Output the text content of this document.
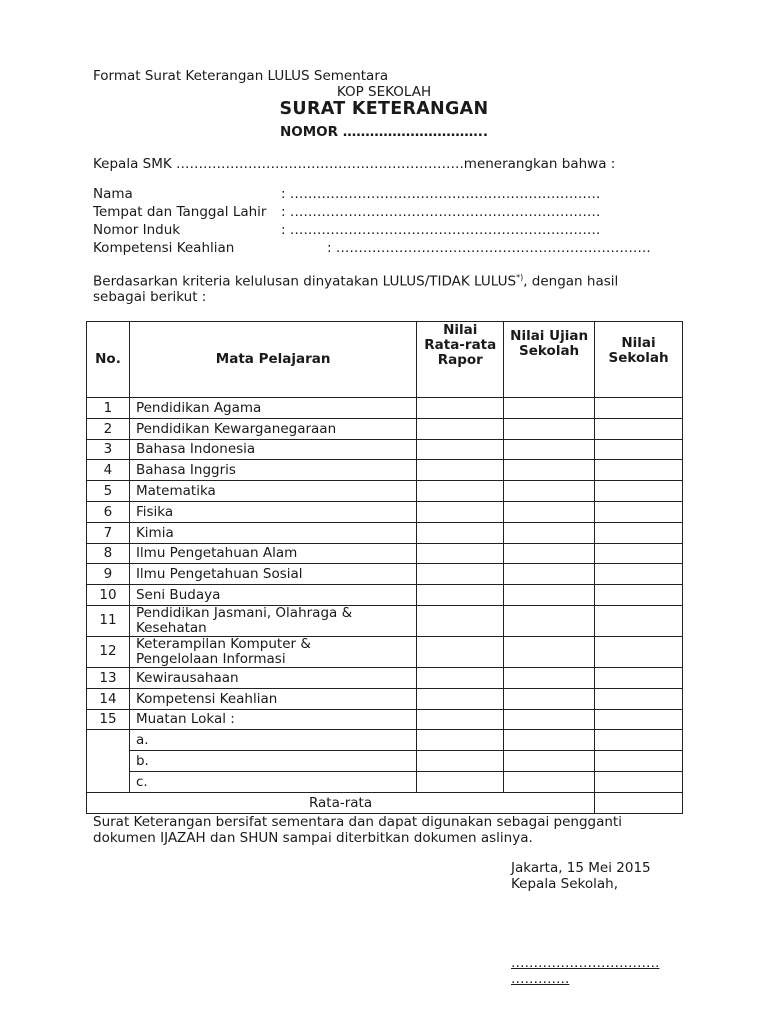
Format Surat Keterangan LULUS Sementara
KOP SEKOLAH
SURAT KETERANGAN
NOMOR …………………………..
Kepala SMK ……………………………………………………….menerangkan bahwa :
Nama	: ……………………………………………………………
Tempat dan Tanggal Lahir : ……………………………………………………………
Nomor Induk	: ……………………………………………………………
Kompetensi Keahlian	: …………………………………………………………….
Berdasarkan kriteria kelulusan dinyatakan LULUS/TIDAK LULUS*), dengan hasil
sebagai berikut :
No.	Mata Pelajaran	Nilai Rata-rata Rapor	Nilai Ujian Sekolah	Nilai Sekolah
1	Pendidikan Agama			
2	Pendidikan Kewarganegaraan			
3	Bahasa Indonesia			
4	Bahasa Inggris			
5	Matematika			
6	Fisika			
7	Kimia			
8	Ilmu Pengetahuan Alam			
9	Ilmu Pengetahuan Sosial			
10	Seni Budaya			
11	Pendidikan Jasmani, Olahraga & Kesehatan			
12	Keterampilan Komputer & Pengelolaan Informasi			
13	Kewirausahaan			
14	Kompetensi Keahlian			
15	Muatan Lokal :			
	a.			
	b.			
	c.			
Rata-rata				
Surat Keterangan bersifat sementara dan dapat digunakan sebagai pengganti
dokumen IJAZAH dan SHUN sampai diterbitkan dokumen aslinya.
Jakarta, 15 Mei 2015
Kepala Sekolah,
……………………………
………….
